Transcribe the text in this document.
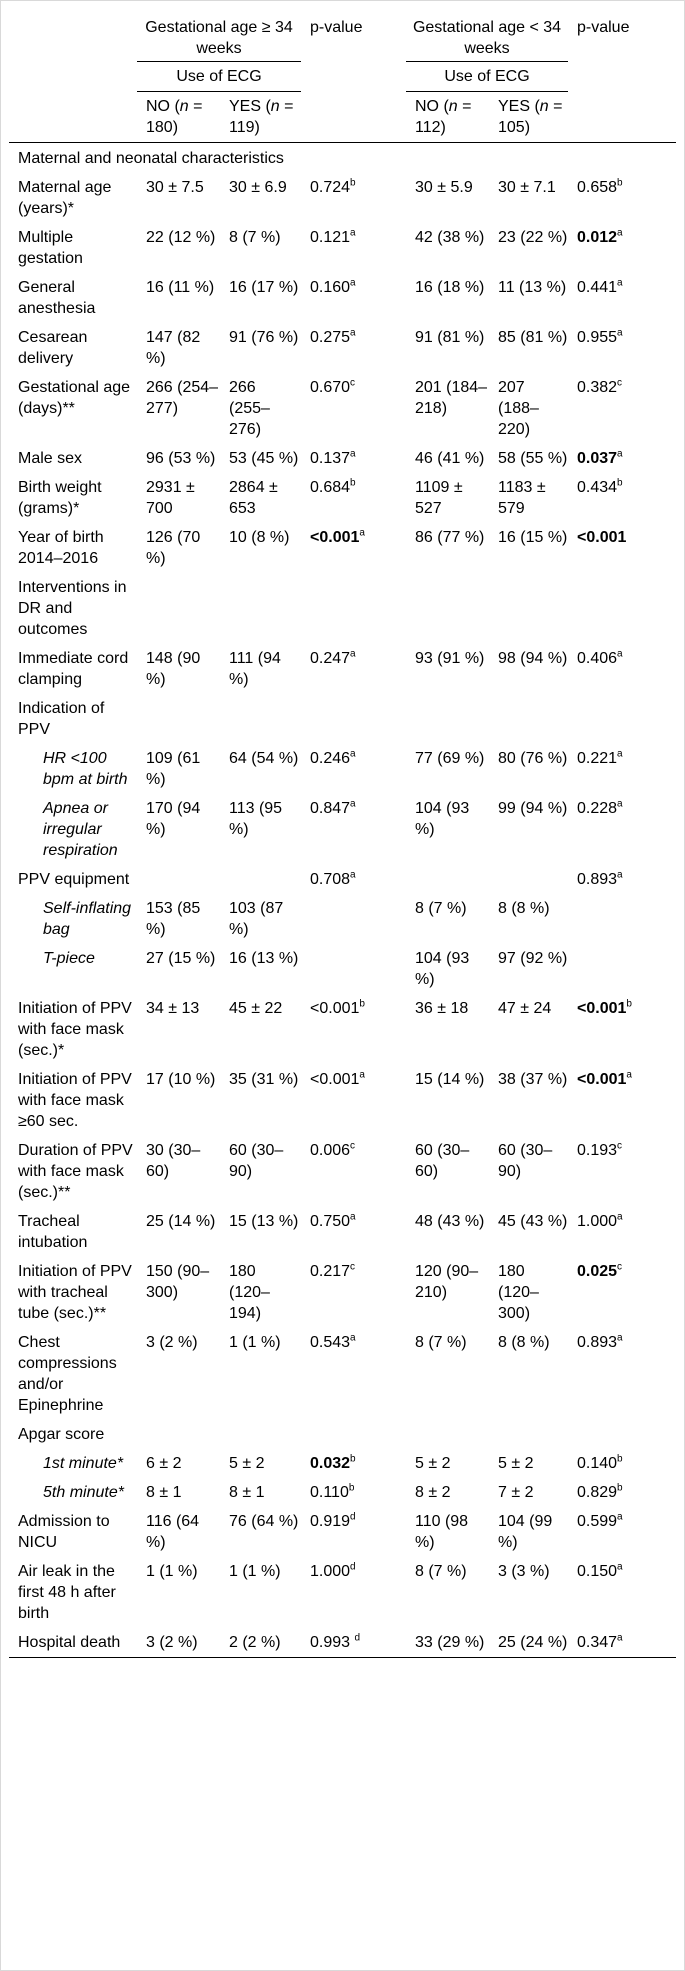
	Gestational age ≥ 34 weeks		p-value	Gestational age < 34 weeks		p-value
	Use of ECG			Use of ECG		
	NO (n = 180)	YES (n = 119)		NO (n = 112)	YES (n = 105)	
Maternal and neonatal characteristics						
Maternal age (years)*	30 ± 7.5	30 ± 6.9	0.724$^b$	30 ± 5.9	30 ± 7.1	0.658$^b$
Multiple gestation	22 (12 %)	8 (7 %)	0.121$^a$	42 (38 %)	23 (22 %)	0.012$^a$
General anesthesia	16 (11 %)	16 (17 %)	0.160$^a$	16 (18 %)	11 (13 %)	0.441$^a$
Cesarean delivery	147 (82 %)	91 (76 %)	0.275$^a$	91 (81 %)	85 (81 %)	0.955$^a$
Gestational age (days)**	266 (254–277)	266 (255–276)	0.670$^c$	201 (184–218)	207 (188–220)	0.382$^c$
Male sex	96 (53 %)	53 (45 %)	0.137$^a$	46 (41 %)	58 (55 %)	0.037$^a$
Birth weight (grams)*	2931 ± 700	2864 ± 653	0.684$^b$	1109 ± 527	1183 ± 579	0.434$^b$
Year of birth 2014–2016	126 (70 %)	10 (8 %)	<0.001$^a$	86 (77 %)	16 (15 %)	<0.001
Interventions in DR and outcomes						
Immediate cord clamping	148 (90 %)	111 (94 %)	0.247$^a$	93 (91 %)	98 (94 %)	0.406$^a$
Indication of PPV						
HR <100 bpm at birth	109 (61 %)	64 (54 %)	0.246$^a$	77 (69 %)	80 (76 %)	0.221$^a$
Apnea or irregular respiration	170 (94 %)	113 (95 %)	0.847$^a$	104 (93 %)	99 (94 %)	0.228$^a$
PPV equipment			0.708$^a$			0.893$^a$
Self-inflating bag	153 (85 %)	103 (87 %)		8 (7 %)	8 (8 %)	
T-piece	27 (15 %)	16 (13 %)		104 (93 %)	97 (92 %)	
Initiation of PPV with face mask (sec.)*	34 ± 13	45 ± 22	<0.001$^b$	36 ± 18	47 ± 24	<0.001$^b$
Initiation of PPV with face mask ≥60 sec.	17 (10 %)	35 (31 %)	<0.001$^a$	15 (14 %)	38 (37 %)	<0.001$^a$
Duration of PPV with face mask (sec.)**	30 (30–60)	60 (30–90)	0.006$^c$	60 (30–60)	60 (30–90)	0.193$^c$
Tracheal intubation	25 (14 %)	15 (13 %)	0.750$^a$	48 (43 %)	45 (43 %)	1.000$^a$
Initiation of PPV with tracheal tube (sec.)**	150 (90–300)	180 (120–194)	0.217$^c$	120 (90–210)	180 (120–300)	0.025$^c$
Chest compressions and/or Epinephrine	3 (2 %)	1 (1 %)	0.543$^a$	8 (7 %)	8 (8 %)	0.893$^a$
Apgar score						
1st minute*	6 ± 2	5 ± 2	0.032$^b$	5 ± 2	5 ± 2	0.140$^b$
5th minute*	8 ± 1	8 ± 1	0.110$^b$	8 ± 2	7 ± 2	0.829$^b$
Admission to NICU	116 (64 %)	76 (64 %)	0.919$^d$	110 (98 %)	104 (99 %)	0.599$^a$
Air leak in the first 48 h after birth	1 (1 %)	1 (1 %)	1.000$^d$	8 (7 %)	3 (3 %)	0.150$^a$
Hospital death	3 (2 %)	2 (2 %)	0.993 $^d$	33 (29 %)	25 (24 %)	0.347$^a$
